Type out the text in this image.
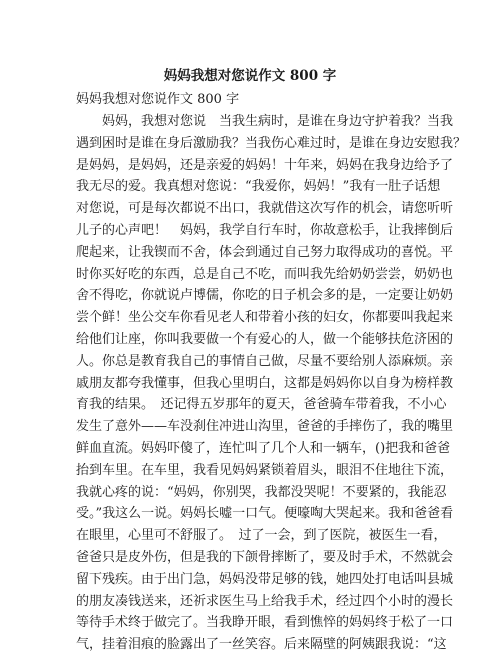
妈妈我想对您说作文 800 字
妈妈我想对您说作文 800 字
　　妈妈，我想对您说　当我生病时，是谁在身边守护着我？当我
遇到困时是谁在身后激励我？当我伤心难过时，是谁在身边安慰我？
是妈妈，是妈妈，还是亲爱的妈妈！十年来，妈妈在我身边给予了
我无尽的爱。我真想对您说：“我爱你，妈妈！”我有一肚子话想
对您说，可是每次都说不出口，我就借这次写作的机会，请您听听
儿子的心声吧！　妈妈，我学自行车时，你故意松手，让我摔倒后
爬起来，让我锲而不舍，体会到通过自己努力取得成功的喜悦。平
时你买好吃的东西，总是自己不吃，而叫我先给奶奶尝尝，奶奶也
舍不得吃，你就说卢博儒，你吃的日子机会多的是，一定要让奶奶
尝个鲜！坐公交车你看见老人和带着小孩的妇女，你都要叫我起来
给他们让座，你叫我要做一个有爱心的人，做一个能够扶危济困的
人。你总是教育我自己的事情自己做，尽量不要给别人添麻烦。亲
戚朋友都夸我懂事，但我心里明白，这都是妈妈你以自身为榜样教
育我的结果。　还记得五岁那年的夏天，爸爸骑车带着我，不小心
发生了意外——车没刹住冲进山沟里，爸爸的手摔伤了，我的嘴里
鲜血直流。妈妈吓傻了，连忙叫了几个人和一辆车，()把我和爸爸
抬到车里。在车里，我看见妈妈紧锁着眉头，眼泪不住地往下流，
我就心疼的说：“妈妈，你别哭，我都没哭呢！不要紧的，我能忍
受。”我这么一说。妈妈长嘘一口气。便嚎啕大哭起来。我和爸爸看
在眼里，心里可不舒服了。　过了一会，到了医院，被医生一看，
爸爸只是皮外伤，但是我的下颌骨摔断了，要及时手术，不然就会
留下残疾。由于出门急，妈妈没带足够的钱，她四处打电话叫县城
的朋友凑钱送来，还祈求医生马上给我手术，经过四个小时的漫长
等待手术终于做完了。当我睁开眼，看到憔悴的妈妈终于松了一口
气，挂着泪痕的脸露出了一丝笑容。后来隔壁的阿姨跟我说：“这
